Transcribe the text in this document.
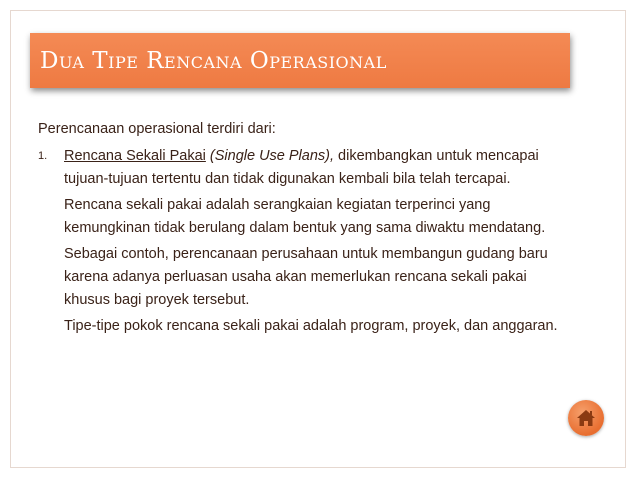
Dua Tipe Rencana Operasional
Perencanaan operasional terdiri dari:
1. Rencana Sekali Pakai (Single Use Plans), dikembangkan untuk mencapai tujuan-tujuan tertentu dan tidak digunakan kembali bila telah tercapai.
Rencana sekali pakai adalah serangkaian kegiatan terperinci yang kemungkinan tidak berulang dalam bentuk yang sama diwaktu mendatang.
Sebagai contoh, perencanaan perusahaan untuk membangun gudang baru karena adanya perluasan usaha akan memerlukan rencana sekali pakai khusus bagi proyek tersebut.
Tipe-tipe pokok rencana sekali pakai adalah program, proyek, dan anggaran.
